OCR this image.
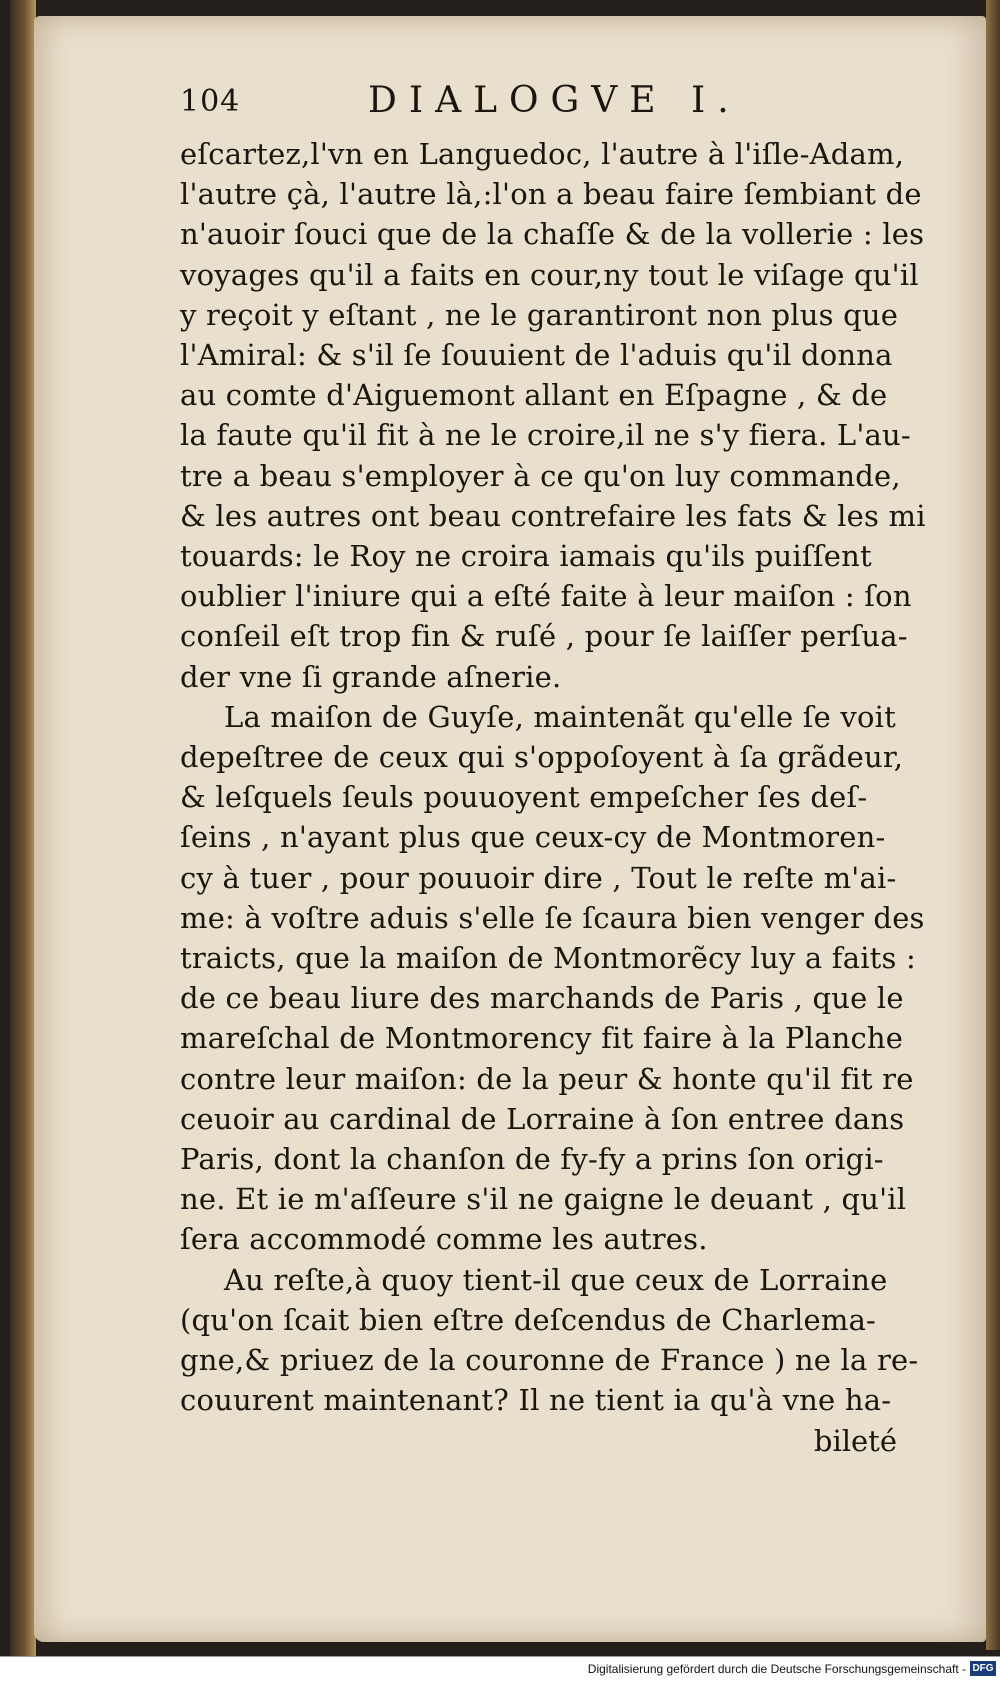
104	DIALOGVE I.
eſcartez,l'vn en Languedoc, l'autre à l'iſle-Adam,
l'autre çà, l'autre là,:l'on a beau faire ſembiant de
n'auoir ſouci que de la chaſſe & de la vollerie : les
voyages qu'il a faits en cour,ny tout le viſage qu'il
y reçoit y eſtant , ne le garantiront non plus que
l'Amiral: & s'il ſe ſouuient de l'aduis qu'il donna
au comte d'Aiguemont allant en Eſpagne , & de
la faute qu'il fit à ne le croire,il ne s'y fiera. L'au-
tre a beau s'employer à ce qu'on luy commande,
& les autres ont beau contrefaire les fats & les mi
touards: le Roy ne croira iamais qu'ils puiſſent
oublier l'iniure qui a eſté faite à leur maiſon : ſon
conſeil eſt trop fin & ruſé , pour ſe laiſſer perſua-
der vne ſi grande aſnerie.
La maiſon de Guyſe, maintenãt qu'elle ſe voit
depeſtree de ceux qui s'oppoſoyent à ſa grãdeur,
& leſquels ſeuls pouuoyent empeſcher ſes deſ-
ſeins , n'ayant plus que ceux-cy de Montmoren-
cy à tuer , pour pouuoir dire , Tout le reſte m'ai-
me: à voſtre aduis s'elle ſe ſcaura bien venger des
traicts, que la maiſon de Montmorẽcy luy a faits :
de ce beau liure des marchands de Paris , que le
mareſchal de Montmorency fit faire à la Planche
contre leur maiſon: de la peur & honte qu'il fit re
ceuoir au cardinal de Lorraine à ſon entree dans
Paris, dont la chanſon de fy-fy a prins ſon origi-
ne. Et ie m'aſſeure s'il ne gaigne le deuant , qu'il
ſera accommodé comme les autres.
Au reſte,à quoy tient-il que ceux de Lorraine
(qu'on ſcait bien eſtre deſcendus de Charlema-
gne,& priuez de la couronne de France ) ne la re-
couurent maintenant? Il ne tient ia qu'à vne ha-
bileté
Digitalisierung gefördert durch die Deutsche Forschungsgemeinschaft - DFG
